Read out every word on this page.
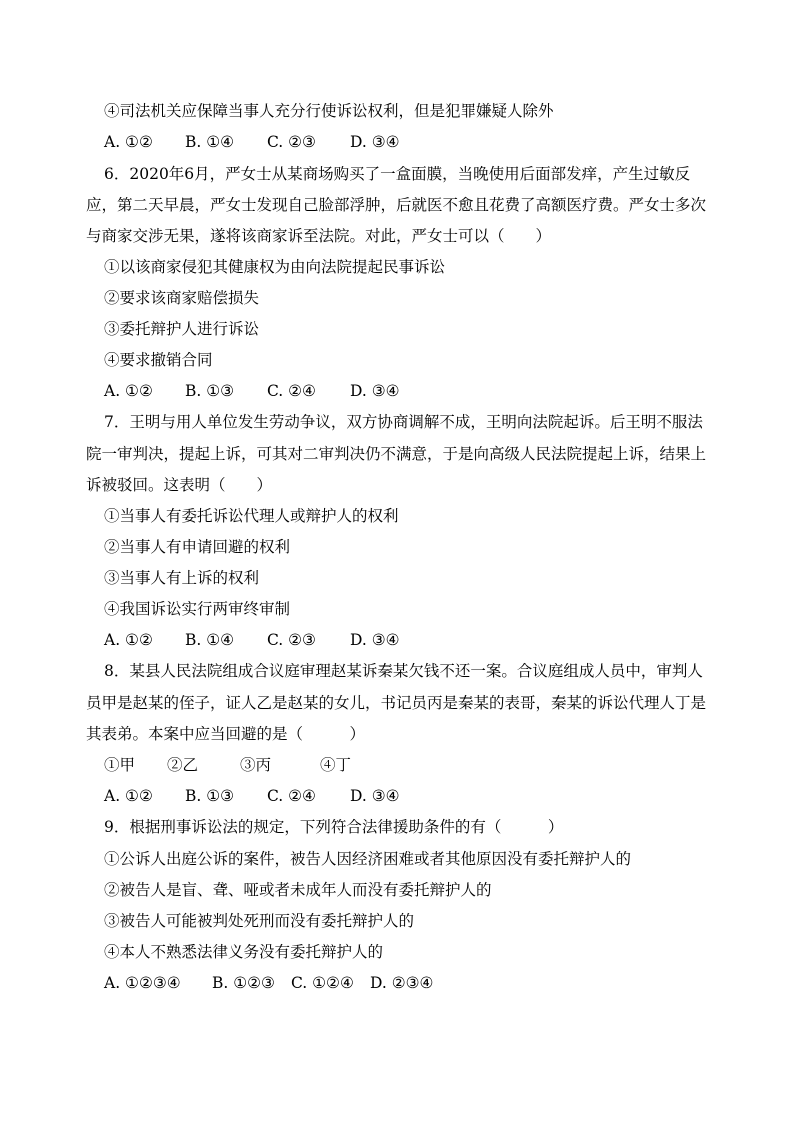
④司法机关应保障当事人充分行使诉讼权利，但是犯罪嫌疑人除外
A. ①② B. ①④ C. ②③ D. ③④
6．2020年6月，严女士从某商场购买了一盒面膜，当晚使用后面部发痒，产生过敏反
应，第二天早晨，严女士发现自己脸部浮肿，后就医不愈且花费了高额医疗费。严女士多次
与商家交涉无果，遂将该商家诉至法院。对此，严女士可以（　　）
①以该商家侵犯其健康权为由向法院提起民事诉讼
②要求该商家赔偿损失
③委托辩护人进行诉讼
④要求撤销合同
A. ①② B. ①③ C. ②④ D. ③④
7．王明与用人单位发生劳动争议，双方协商调解不成，王明向法院起诉。后王明不服法
院一审判决，提起上诉，可其对二审判决仍不满意，于是向高级人民法院提起上诉，结果上
诉被驳回。这表明（　　）
①当事人有委托诉讼代理人或辩护人的权利
②当事人有申请回避的权利
③当事人有上诉的权利
④我国诉讼实行两审终审制
A. ①② B. ①④ C. ②③ D. ③④
8．某县人民法院组成合议庭审理赵某诉秦某欠钱不还一案。合议庭组成人员中，审判人
员甲是赵某的侄子，证人乙是赵某的女儿，书记员丙是秦某的表哥，秦某的诉讼代理人丁是
其表弟。本案中应当回避的是（　　　）
①甲 ②乙	③丙	④丁
A. ①② B. ①③ C. ②④ D. ③④
9．根据刑事诉讼法的规定，下列符合法律援助条件的有（　　　）
①公诉人出庭公诉的案件，被告人因经济困难或者其他原因没有委托辩护人的
②被告人是盲、聋、哑或者未成年人而没有委托辩护人的
③被告人可能被判处死刑而没有委托辩护人的
④本人不熟悉法律义务没有委托辩护人的
A. ①②③④ B. ①②③ C. ①②④ D. ②③④
